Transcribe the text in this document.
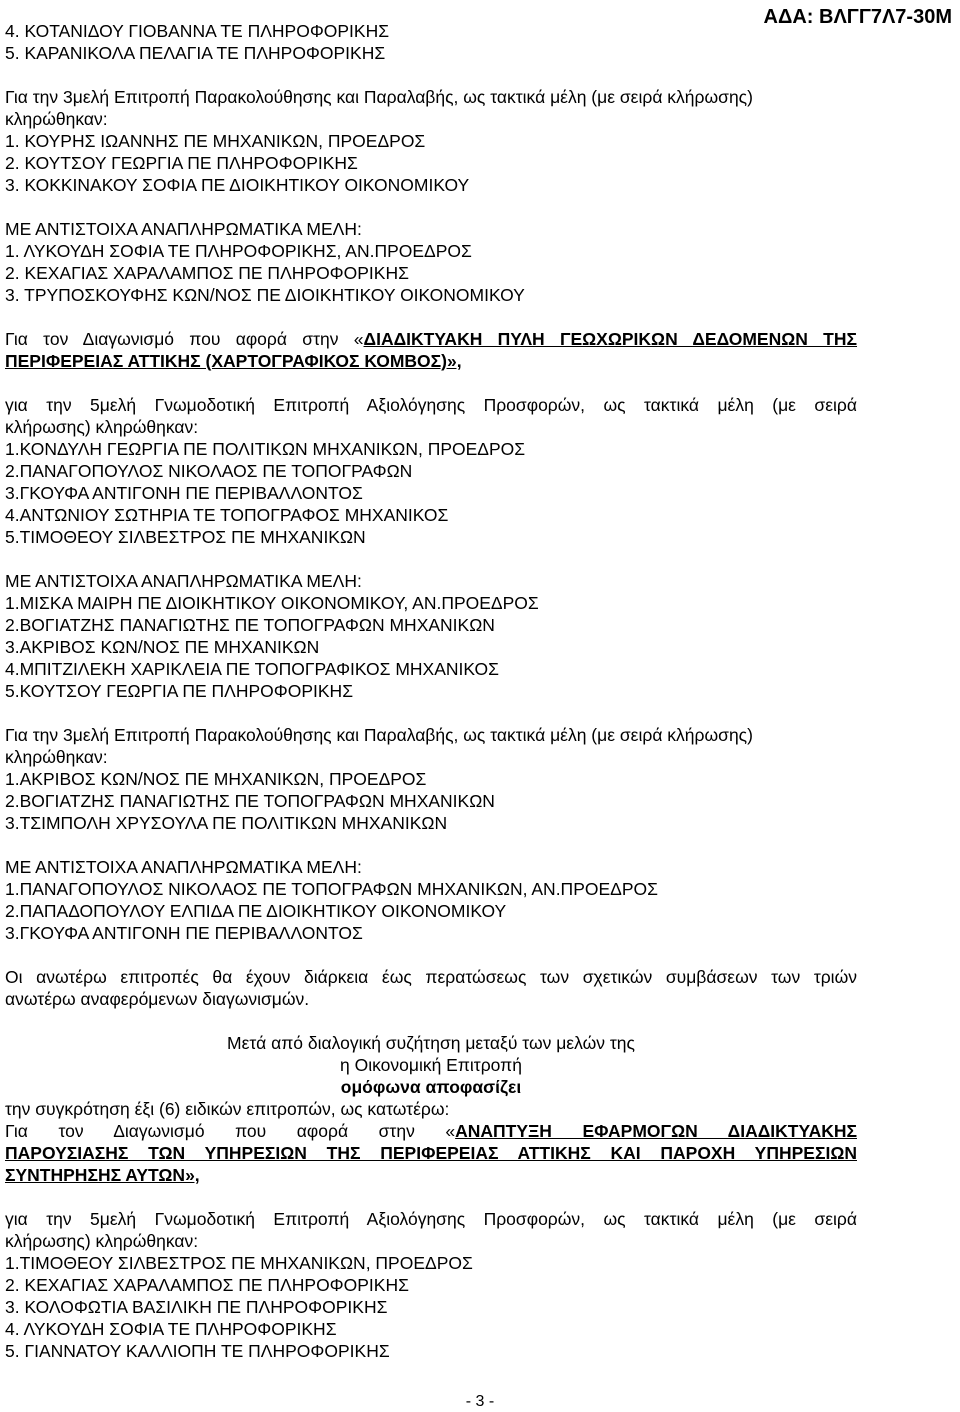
ΑΔΑ: ΒΛΓΓ7Λ7-30Μ
4. ΚΟΤΑΝΙΔΟΥ ΓΙΟΒΑΝΝΑ ΤΕ ΠΛΗΡΟΦΟΡΙΚΗΣ
5. ΚΑΡΑΝΙΚΟΛΑ ΠΕΛΑΓΙΑ ΤΕ ΠΛΗΡΟΦΟΡΙΚΗΣ
Για την 3μελή Επιτροπή Παρακολούθησης και Παραλαβής, ως τακτικά μέλη (με σειρά κλήρωσης)
κληρώθηκαν:
1. ΚΟΥΡΗΣ ΙΩΑΝΝΗΣ ΠΕ ΜΗΧΑΝΙΚΩΝ, ΠΡΟΕΔΡΟΣ
2. ΚΟΥΤΣΟΥ ΓΕΩΡΓΙΑ ΠΕ ΠΛΗΡΟΦΟΡΙΚΗΣ
3. ΚΟΚΚΙΝΑΚΟΥ ΣΟΦΙΑ ΠΕ ΔΙΟΙΚΗΤΙΚΟΥ ΟΙΚΟΝΟΜΙΚΟΥ
ΜΕ ΑΝΤΙΣΤΟΙΧΑ ΑΝΑΠΛΗΡΩΜΑΤΙΚΑ ΜΕΛΗ:
1. ΛΥΚΟΥΔΗ ΣΟΦΙΑ ΤΕ ΠΛΗΡΟΦΟΡΙΚΗΣ, ΑΝ.ΠΡΟΕΔΡΟΣ
2. ΚΕΧΑΓΙΑΣ ΧΑΡΑΛΑΜΠΟΣ ΠΕ ΠΛΗΡΟΦΟΡΙΚΗΣ
3. ΤΡΥΠΟΣΚΟΥΦΗΣ ΚΩΝ/ΝΟΣ ΠΕ ΔΙΟΙΚΗΤΙΚΟΥ ΟΙΚΟΝΟΜΙΚΟΥ
Για τον Διαγωνισμό που αφορά στην «ΔΙΑΔΙΚΤΥΑΚΗ ΠΥΛΗ ΓΕΩΧΩΡΙΚΩΝ ΔΕΔΟΜΕΝΩΝ ΤΗΣ
ΠΕΡΙΦΕΡΕΙΑΣ ΑΤΤΙΚΗΣ (ΧΑΡΤΟΓΡΑΦΙΚΟΣ ΚΟΜΒΟΣ)»,
για την 5μελή Γνωμοδοτική Επιτροπή Αξιολόγησης Προσφορών, ως τακτικά μέλη (με σειρά
κλήρωσης) κληρώθηκαν:
1.ΚΟΝΔΥΛΗ ΓΕΩΡΓΙΑ ΠΕ ΠΟΛΙΤΙΚΩΝ ΜΗΧΑΝΙΚΩΝ, ΠΡΟΕΔΡΟΣ
2.ΠΑΝΑΓΟΠΟΥΛΟΣ ΝΙΚΟΛΑΟΣ ΠΕ ΤΟΠΟΓΡΑΦΩΝ
3.ΓΚΟΥΦΑ ΑΝΤΙΓΟΝΗ ΠΕ ΠΕΡΙΒΑΛΛΟΝΤΟΣ
4.ΑΝΤΩΝΙΟΥ ΣΩΤΗΡΙΑ ΤΕ ΤΟΠΟΓΡΑΦΟΣ ΜΗΧΑΝΙΚΟΣ
5.ΤΙΜΟΘΕΟΥ ΣΙΛΒΕΣΤΡΟΣ ΠΕ ΜΗΧΑΝΙΚΩΝ
ΜΕ ΑΝΤΙΣΤΟΙΧΑ ΑΝΑΠΛΗΡΩΜΑΤΙΚΑ ΜΕΛΗ:
1.ΜΙΣΚΑ ΜΑΙΡΗ ΠΕ ΔΙΟΙΚΗΤΙΚΟΥ ΟΙΚΟΝΟΜΙΚΟΥ, ΑΝ.ΠΡΟΕΔΡΟΣ
2.ΒΟΓΙΑΤΖΗΣ ΠΑΝΑΓΙΩΤΗΣ ΠΕ ΤΟΠΟΓΡΑΦΩΝ ΜΗΧΑΝΙΚΩΝ
3.ΑΚΡΙΒΟΣ ΚΩΝ/ΝΟΣ ΠΕ ΜΗΧΑΝΙΚΩΝ
4.ΜΠΙΤΖΙΛΕΚΗ ΧΑΡΙΚΛΕΙΑ ΠΕ ΤΟΠΟΓΡΑΦΙΚΟΣ ΜΗΧΑΝΙΚΟΣ
5.ΚΟΥΤΣΟΥ ΓΕΩΡΓΙΑ ΠΕ ΠΛΗΡΟΦΟΡΙΚΗΣ
Για την 3μελή Επιτροπή Παρακολούθησης και Παραλαβής, ως τακτικά μέλη (με σειρά κλήρωσης)
κληρώθηκαν:
1.ΑΚΡΙΒΟΣ ΚΩΝ/ΝΟΣ ΠΕ ΜΗΧΑΝΙΚΩΝ, ΠΡΟΕΔΡΟΣ
2.ΒΟΓΙΑΤΖΗΣ ΠΑΝΑΓΙΩΤΗΣ ΠΕ ΤΟΠΟΓΡΑΦΩΝ ΜΗΧΑΝΙΚΩΝ
3.ΤΣΙΜΠΟΛΗ ΧΡΥΣΟΥΛΑ ΠΕ ΠΟΛΙΤΙΚΩΝ ΜΗΧΑΝΙΚΩΝ
ΜΕ ΑΝΤΙΣΤΟΙΧΑ ΑΝΑΠΛΗΡΩΜΑΤΙΚΑ ΜΕΛΗ:
1.ΠΑΝΑΓΟΠΟΥΛΟΣ ΝΙΚΟΛΑΟΣ ΠΕ ΤΟΠΟΓΡΑΦΩΝ ΜΗΧΑΝΙΚΩΝ, ΑΝ.ΠΡΟΕΔΡΟΣ
2.ΠΑΠΑΔΟΠΟΥΛΟΥ ΕΛΠΙΔΑ ΠΕ ΔΙΟΙΚΗΤΙΚΟΥ ΟΙΚΟΝΟΜΙΚΟΥ
3.ΓΚΟΥΦΑ ΑΝΤΙΓΟΝΗ ΠΕ ΠΕΡΙΒΑΛΛΟΝΤΟΣ
Οι ανωτέρω επιτροπές θα έχουν διάρκεια έως περατώσεως των σχετικών συμβάσεων των τριών
ανωτέρω αναφερόμενων διαγωνισμών.
Μετά από διαλογική συζήτηση μεταξύ των μελών της
η Οικονομική Επιτροπή
ομόφωνα αποφασίζει
την συγκρότηση έξι (6) ειδικών επιτροπών, ως κατωτέρω:
Για τον Διαγωνισμό που αφορά στην «ΑΝΑΠΤΥΞΗ ΕΦΑΡΜΟΓΩΝ ΔΙΑΔΙΚΤΥΑΚΗΣ
ΠΑΡΟΥΣΙΑΣΗΣ ΤΩΝ ΥΠΗΡΕΣΙΩΝ ΤΗΣ ΠΕΡΙΦΕΡΕΙΑΣ ΑΤΤΙΚΗΣ ΚΑΙ ΠΑΡΟΧΗ ΥΠΗΡΕΣΙΩΝ
ΣΥΝΤΗΡΗΣΗΣ ΑΥΤΩΝ»,
για την 5μελή Γνωμοδοτική Επιτροπή Αξιολόγησης Προσφορών, ως τακτικά μέλη (με σειρά
κλήρωσης) κληρώθηκαν:
1.ΤΙΜΟΘΕΟΥ ΣΙΛΒΕΣΤΡΟΣ ΠΕ ΜΗΧΑΝΙΚΩΝ, ΠΡΟΕΔΡΟΣ
2. ΚΕΧΑΓΙΑΣ ΧΑΡΑΛΑΜΠΟΣ ΠΕ ΠΛΗΡΟΦΟΡΙΚΗΣ
3. ΚΟΛΟΦΩΤΙΑ ΒΑΣΙΛΙΚΗ ΠΕ ΠΛΗΡΟΦΟΡΙΚΗΣ
4. ΛΥΚΟΥΔΗ ΣΟΦΙΑ ΤΕ ΠΛΗΡΟΦΟΡΙΚΗΣ
5. ΓΙΑΝΝΑΤΟΥ ΚΑΛΛΙΟΠΗ ΤΕ ΠΛΗΡΟΦΟΡΙΚΗΣ
- 3 -
